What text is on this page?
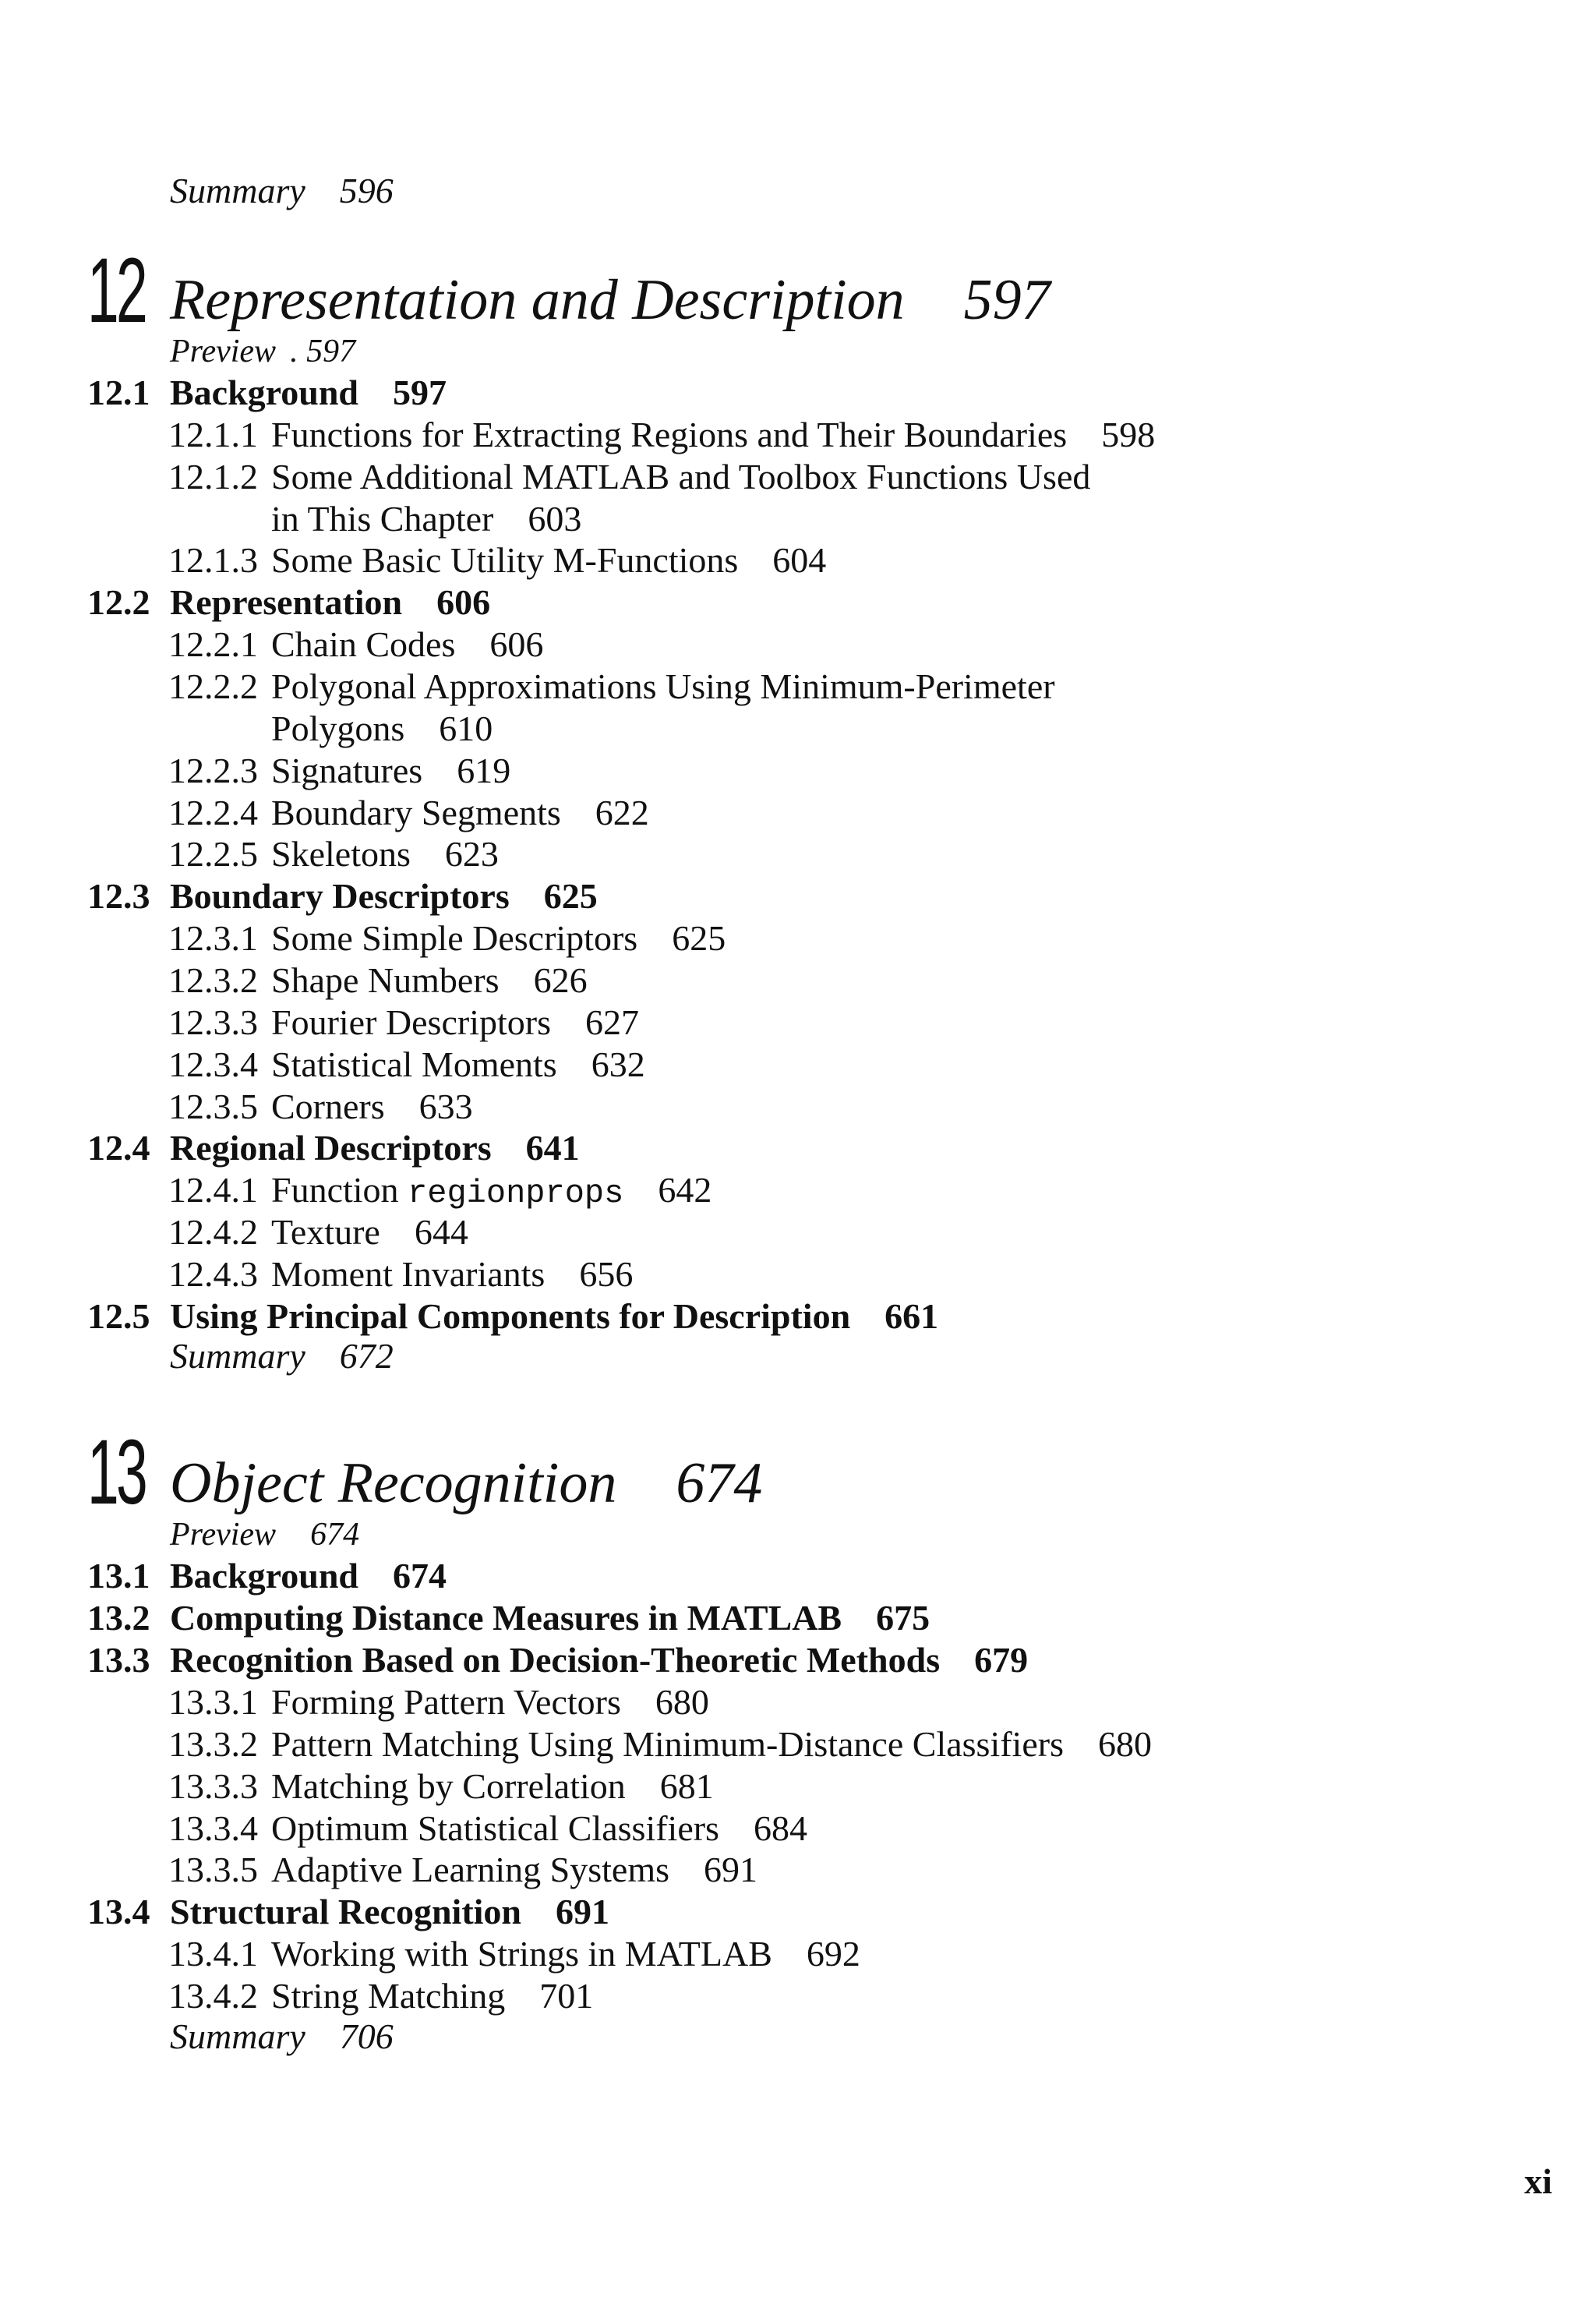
Summary 596
12 Representation and Description 597
Preview . 597
12.1 Background 597
12.1.1 Functions for Extracting Regions and Their Boundaries 598
12.1.2 Some Additional MATLAB and Toolbox Functions Used
in This Chapter 603
12.1.3 Some Basic Utility M-Functions 604
12.2 Representation 606
12.2.1 Chain Codes 606
12.2.2 Polygonal Approximations Using Minimum-Perimeter
Polygons 610
12.2.3 Signatures 619
12.2.4 Boundary Segments 622
12.2.5 Skeletons 623
12.3 Boundary Descriptors 625
12.3.1 Some Simple Descriptors 625
12.3.2 Shape Numbers 626
12.3.3 Fourier Descriptors 627
12.3.4 Statistical Moments 632
12.3.5 Corners 633
12.4 Regional Descriptors 641
12.4.1 Function regionprops 642
12.4.2 Texture 644
12.4.3 Moment Invariants 656
12.5 Using Principal Components for Description 661
Summary 672
13 Object Recognition 674
Preview 674
13.1 Background 674
13.2 Computing Distance Measures in MATLAB 675
13.3 Recognition Based on Decision-Theoretic Methods 679
13.3.1 Forming Pattern Vectors 680
13.3.2 Pattern Matching Using Minimum-Distance Classifiers 680
13.3.3 Matching by Correlation 681
13.3.4 Optimum Statistical Classifiers 684
13.3.5 Adaptive Learning Systems 691
13.4 Structural Recognition 691
13.4.1 Working with Strings in MATLAB 692
13.4.2 String Matching 701
Summary 706
xi
